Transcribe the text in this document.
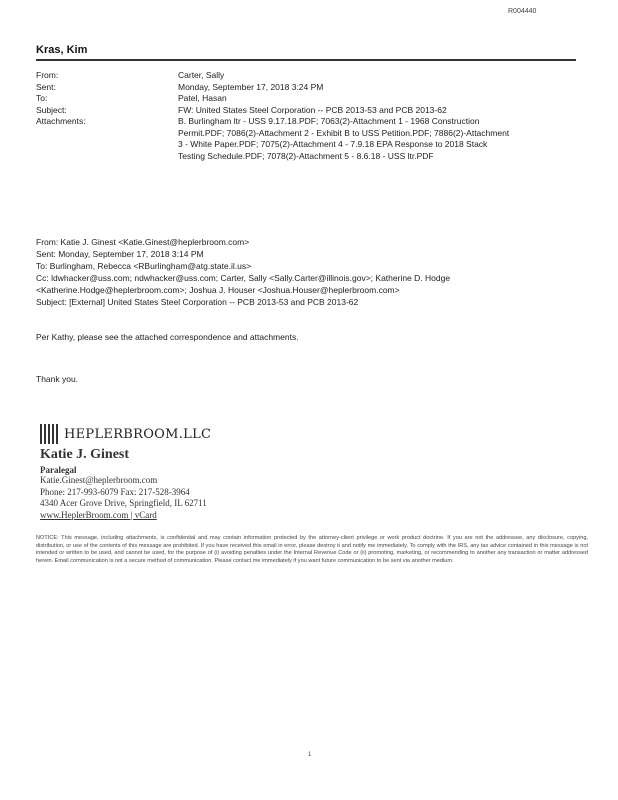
R004440
Kras, Kim
From:	Carter, Sally
Sent:	Monday, September 17, 2018 3:24 PM
To:	Patel, Hasan
Subject:	FW: United States Steel Corporation -- PCB 2013-53 and PCB 2013-62
Attachments:	B. Burlingham ltr - USS 9.17.18.PDF; 7063(2)-Attachment 1 - 1968 Construction
Permit.PDF; 7086(2)-Attachment 2 - Exhibit B to USS Petition.PDF; 7886(2)-Attachment
3 - White Paper.PDF; 7075(2)-Attachment 4 - 7.9.18 EPA Response to 2018 Stack
Testing Schedule.PDF; 7078(2)-Attachment 5 - 8.6.18 - USS ltr.PDF
From: Katie J. Ginest <Katie.Ginest@heplerbroom.com>
Sent: Monday, September 17, 2018 3:14 PM
To: Burlingham, Rebecca <RBurlingham@atg.state.il.us>
Cc: ldwhacker@uss.com; ndwhacker@uss.com; Carter, Sally <Sally.Carter@illinois.gov>; Katherine D. Hodge
<Katherine.Hodge@heplerbroom.com>; Joshua J. Houser <Joshua.Houser@heplerbroom.com>
Subject: [External] United States Steel Corporation -- PCB 2013-53 and PCB 2013-62
Per Kathy, please see the attached correspondence and attachments.
Thank you.
HEPLERBROOM.LLC
Katie J. Ginest
Paralegal
Katie.Ginest@heplerbroom.com
Phone: 217-993-6079 Fax: 217-528-3964
4340 Acer Grove Drive, Springfield, IL 62711
www.HeplerBroom.com | vCard
NOTICE: This message, including attachments, is confidential and may contain information protected by the attorney-client privilege or work product doctrine. If you are not the addressee, any disclosure, copying, distribution, or use of the contents of this message are prohibited. If you have received this email in error, please destroy it and notify me immediately. To comply with the IRS, any tax advice contained in this message is not intended or written to be used, and cannot be used, for the purpose of (i) avoiding penalties under the Internal Revenue Code or (ii) promoting, marketing, or recommending to another any transaction or matter addressed herein. Email communication is not a secure method of communication. Please contact me immediately if you want future communication to be sent via another medium.
1
